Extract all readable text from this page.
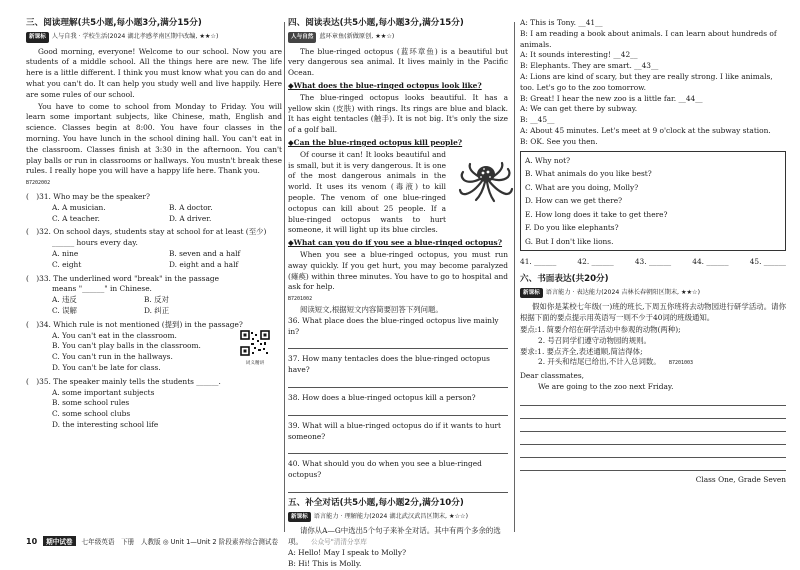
三、阅读理解(共5小题,每小题3分,满分15分)
新课标 人与自我 · 学校生活(2024 湖北孝感孝南区期中改编, ★★☆)

Good morning, everyone! Welcome to our school. Now you are students of a middle school. All the things here are new. The life here is a little different. I think you must know what you can do and what you can't do. It can help you study well and live happily. Here are some rules of our school.

You have to come to school from Monday to Friday. You will learn some important subjects, like Chinese, math, English and science. Classes begin at 8:00. You have four classes in the morning. You have lunch in the school dining hall. You can't eat in the classroom. Classes finish at 3:30 in the afternoon. You can't play balls or run in classrooms or hallways. You mustn't break these rules. I really hope you will have a happy life here. Thank you.

B7202002
(　)31. Who may be the speaker?
A. A musician.	B. A doctor.
C. A teacher.	D. A driver.
(　)32. On school days, students stay at school for at least (至少)
______ hours every day.
A. nine	B. seven and a half
C. eight	D. eight and a half
(　)33. The underlined word "break" in the passage
means "______" in Chinese.
A. 违反	B. 反对
C. 误解	D. 纠正
(　)34. Which rule is not mentioned (提到) in the passage?
A. You can't eat in the classroom.
B. You can't play balls in the classroom.
C. You can't run in the hallways.
D. You can't be late for class.
(　)35. The speaker mainly tells the students ______.
A. some important subjects
B. some school rules
C. some school clubs
D. the interesting school life
词义精讲
四、阅读表达(共5小题,每小题3分,满分15分)
人与自然 蓝环章鱼(新做原创, ★★☆)

The blue-ringed octopus (蓝环章鱼) is a beautiful but very dangerous sea animal. It lives mainly in the Pacific Ocean.

◆What does the blue-ringed octopus look like?

The blue-ringed octopus looks beautiful. It has a yellow skin (皮肤) with rings. Its rings are blue and black. It has eight tentacles (触手). It is not big. It's only the size of a golf ball.

◆Can the blue-ringed octopus kill people?

Of course it can! It looks beautiful and is small, but it is very dangerous. It is one of the most dangerous animals in the world. It uses its venom (毒液) to kill people. The venom of one blue-ringed octopus can kill about 25 people. If a blue-ringed octopus wants to hurt someone, it will light up its blue circles.

◆What can you do if you see a blue-ringed octopus?

When you see a blue-ringed octopus, you must run away quickly. If you get hurt, you may become paralyzed (瘫痪) within three minutes. You have to go to hospital and ask for help.

B7201002
阅读短文,根据短文内容简要回答下列问题。
36. What place does the blue-ringed octopus live mainly in?
37. How many tentacles does the blue-ringed octopus have?
38. How does a blue-ringed octopus kill a person?
39. What will a blue-ringed octopus do if it wants to hurt someone?
40. What should you do when you see a blue-ringed octopus?
五、补全对话(共5小题,每小题2分,满分10分)
新课标 语言能力 · 理解能力(2024 湖北武汉武昌区期末, ★☆☆)
请你从A—G中选出5个句子来补全对话。其中有两个多余的选项。
A: Hello! May I speak to Molly?
B: Hi! This is Molly.
A: This is Tony. __41__
B: I am reading a book about animals. I can learn about hundreds of animals.
A: It sounds interesting! __42__
B: Elephants. They are smart. __43__
A: Lions are kind of scary, but they are really strong. I like animals, too. Let's go to the zoo tomorrow.
B: Great! I hear the new zoo is a little far. __44__
A: We can get there by subway.
B: __45__
A: About 45 minutes. Let's meet at 9 o'clock at the subway station.
B: OK. See you then.
A. Why not?
B. What animals do you like best?
C. What are you doing, Molly?
D. How can we get there?
E. How long does it take to get there?
F. Do you like elephants?
G. But I don't like lions.
41. ______	42. ______	43. ______	44. ______	45. ______
六、书面表达(共20分)
新课标 语言能力 · 表达能力(2024 吉林长春朝阳区期末, ★★☆)

假如你是某校七年级(一)班的班长,下周五你班将去动物园进行研学活动。请你根据下面的要点提示用英语写一则不少于40词的班级通知。

要点:1. 简要介绍在研学活动中参观的动物(两种);
2. 号召同学们遵守动物园的规则。
要求:1. 要点齐全,表述通顺,简洁得体;
2. 开头和结尾已给出,不计入总词数。 B7201003
Dear classmates,
We are going to the zoo next Friday.
Class One, Grade Seven
10	期中试卷	七年级英语　下册　人教版 ◎ Unit 1—Unit 2 阶段素养综合测试卷	公众号"清清分享库
